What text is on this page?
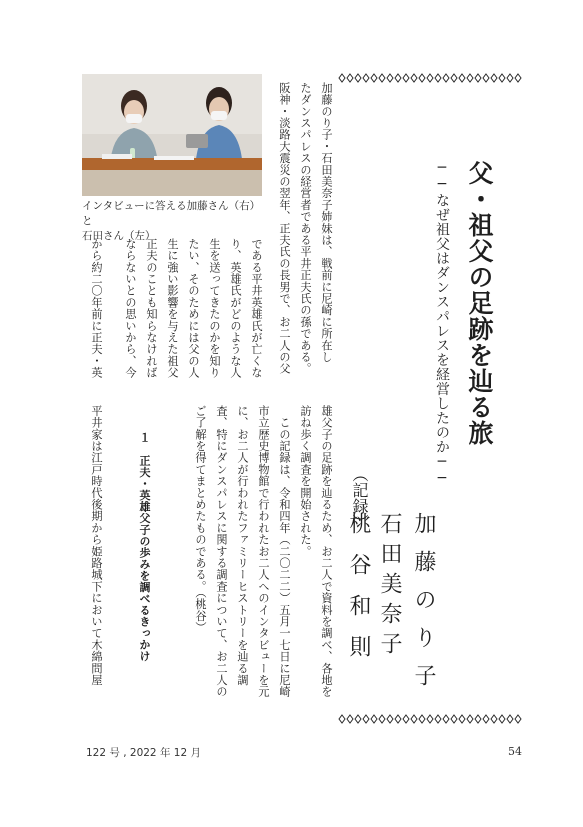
父・祖父の足跡を辿る旅
──なぜ祖父はダンスパレスを経営したのか──
加藤のり子
石田美奈子
（記録）
桃谷和則
インタビューに答える加藤さん（右）と
石田さん（左）	加藤のり子・石田美奈子姉妹は、戦前に尼崎に所在し
たダンスパレスの経営者である平井正夫氏の孫である。
阪神・淡路大震災の翌年、正夫氏の長男で、お二人の父
である平井英雄氏が亡くな
り、英雄氏がどのような人
生を送ってきたのかを知り
たい、そのためには父の人
生に強い影響を与えた祖父
正夫のことも知らなければ
ならないとの思いから、今
から約二〇年前に正夫・英
雄父子の足跡を辿るため、お二人で資料を調べ、各地を
訪ね歩く調査を開始された。
　この記録は、令和四年（二〇二二）五月一七日に尼崎
市立歴史博物館で行われたお二人へのインタビューを元
に、お二人が行われたファミリーヒストリーを辿る調
査、特にダンスパレスに関する調査について、お二人の
ご了解を得てまとめたものである。（桃谷）
１　正夫・英雄父子の歩みを調べるきっかけ
平井家は江戸時代後期から姫路城下において木綿問屋
122 号 , 2022 年 12 月	54
